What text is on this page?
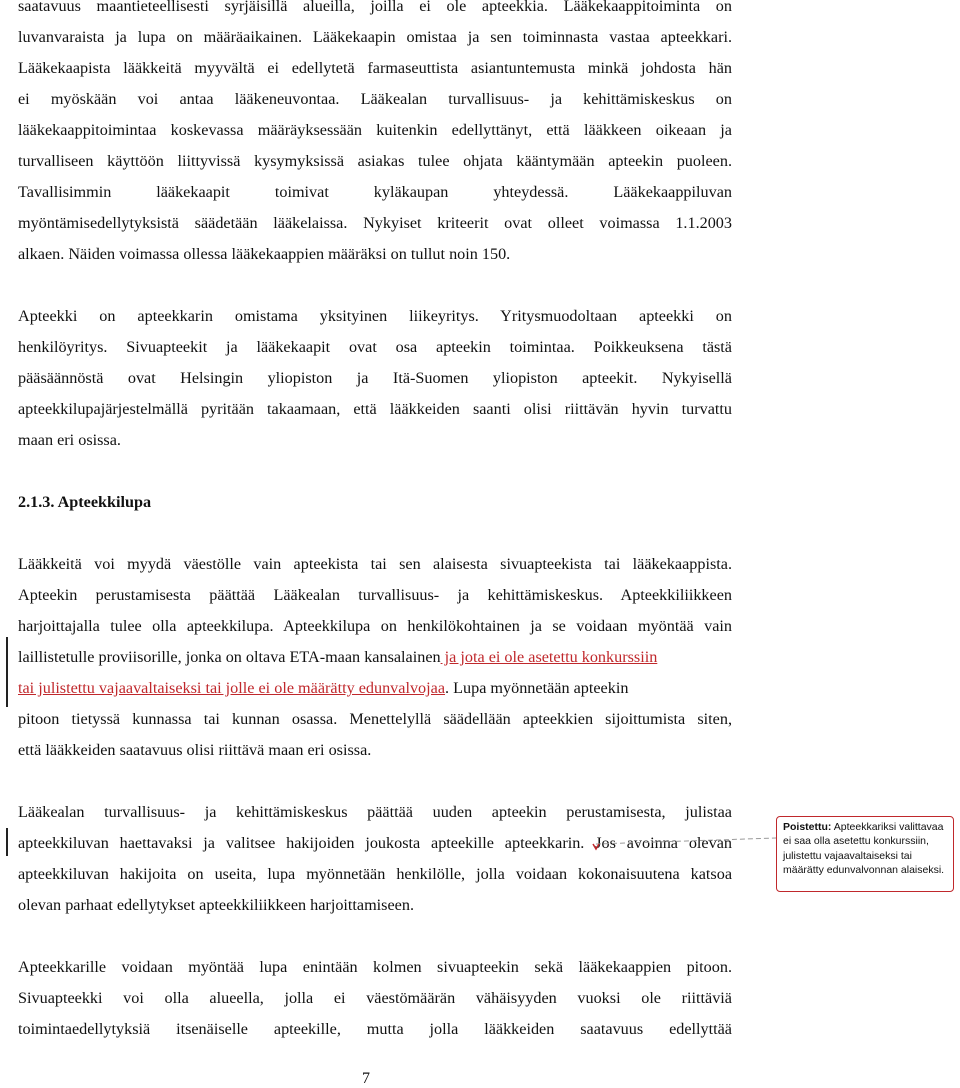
saatavuus maantieteellisesti syrjäisillä alueilla, joilla ei ole apteekkia. Lääkekaappitoiminta on
luvanvaraista ja lupa on määräaikainen. Lääkekaapin omistaa ja sen toiminnasta vastaa apteekkari.
Lääkekaapista lääkkeitä myyvältä ei edellytetä farmaseuttista asiantuntemusta minkä johdosta hän
ei myöskään voi antaa lääkeneuvontaa. Lääkealan turvallisuus- ja kehittämiskeskus on
lääkekaappitoimintaa koskevassa määräyksessään kuitenkin edellyttänyt, että lääkkeen oikeaan ja
turvalliseen käyttöön liittyvissä kysymyksissä asiakas tulee ohjata kääntymään apteekin puoleen.
Tavallisimmin lääkekaapit toimivat kyläkaupan yhteydessä. Lääkekaappiluvan
myöntämisedellytyksistä säädetään lääkelaissa. Nykyiset kriteerit ovat olleet voimassa 1.1.2003
alkaen. Näiden voimassa ollessa lääkekaappien määräksi on tullut noin 150.
Apteekki on apteekkarin omistama yksityinen liikeyritys. Yritysmuodoltaan apteekki on
henkilöyritys. Sivuapteekit ja lääkekaapit ovat osa apteekin toimintaa. Poikkeuksena tästä
pääsäännöstä ovat Helsingin yliopiston ja Itä-Suomen yliopiston apteekit. Nykyisellä
apteekkilupajärjestelmällä pyritään takaamaan, että lääkkeiden saanti olisi riittävän hyvin turvattu
maan eri osissa.
2.1.3. Apteekkilupa
Lääkkeitä voi myydä väestölle vain apteekista tai sen alaisesta sivuapteekista tai lääkekaappista.
Apteekin perustamisesta päättää Lääkealan turvallisuus- ja kehittämiskeskus. Apteekkiliikkeen
harjoittajalla tulee olla apteekkilupa. Apteekkilupa on henkilökohtainen ja se voidaan myöntää vain
laillistetulle proviisorille, jonka on oltava ETA-maan kansalainen ja jota ei ole asetettu konkurssiin
tai julistettu vajaavaltaiseksi tai jolle ei ole määrätty edunvalvojaa. Lupa myönnetään apteekin
pitoon tietyssä kunnassa tai kunnan osassa. Menettelyllä säädellään apteekkien sijoittumista siten,
että lääkkeiden saatavuus olisi riittävä maan eri osissa.
Lääkealan turvallisuus- ja kehittämiskeskus päättää uuden apteekin perustamisesta, julistaa
apteekkiluvan haettavaksi ja valitsee hakijoiden joukosta apteekille apteekkarin. Jos avoinna olevan
apteekkiluvan hakijoita on useita, lupa myönnetään henkilölle, jolla voidaan kokonaisuutena katsoa
olevan parhaat edellytykset apteekkiliikkeen harjoittamiseen.
Apteekkarille voidaan myöntää lupa enintään kolmen sivuapteekin sekä lääkekaappien pitoon.
Sivuapteekki voi olla alueella, jolla ei väestömäärän vähäisyyden vuoksi ole riittäviä
toimintaedellytyksiä itsenäiselle apteekille, mutta jolla lääkkeiden saatavuus edellyttää
Poistettu: Apteekkariksi valittavaa ei saa olla asetettu konkurssiin, julistettu vajaavaltaiseksi tai määrätty edunvalvonnan alaiseksi.
7
